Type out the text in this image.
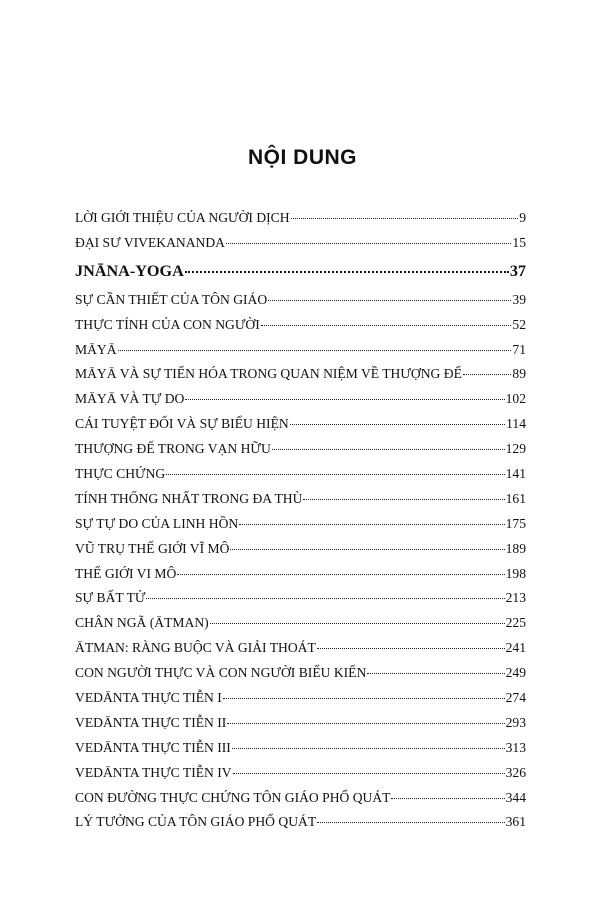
NỘI DUNG
LỜI GIỚI THIỆU CỦA NGƯỜI DỊCH	9
ĐẠI SƯ VIVEKANANDA	15
JNĀNA-YOGA	37
SỰ CẦN THIẾT CỦA TÔN GIÁO	39
THỰC TÍNH CỦA CON NGƯỜI	52
MĀYĀ	71
MĀYĀ VÀ SỰ TIẾN HÓA TRONG QUAN NIỆM VỀ THƯỢNG ĐẾ	89
MĀYĀ VÀ TỰ DO	102
CÁI TUYỆT ĐỐI VÀ SỰ BIỂU HIỆN	114
THƯỢNG ĐẾ TRONG VẠN HỮU	129
THỰC CHỨNG	141
TÍNH THỐNG NHẤT TRONG ĐA THÙ	161
SỰ TỰ DO CỦA LINH HỒN	175
VŨ TRỤ THẾ GIỚI VĨ MÔ	189
THẾ GIỚI VI MÔ	198
SỰ BẤT TỬ	213
CHÂN NGÃ (ĀTMAN)	225
ĀTMAN: RÀNG BUỘC VÀ GIẢI THOÁT	241
CON NGƯỜI THỰC VÀ CON NGƯỜI BIỂU KIẾN	249
VEDĀNTA THỰC TIỄN I	274
VEDĀNTA THỰC TIỄN II	293
VEDĀNTA THỰC TIỄN III	313
VEDĀNTA THỰC TIỄN IV	326
CON ĐƯỜNG THỰC CHỨNG TÔN GIÁO PHỔ QUÁT	344
LÝ TƯỞNG CỦA TÔN GIÁO PHỔ QUÁT	361
